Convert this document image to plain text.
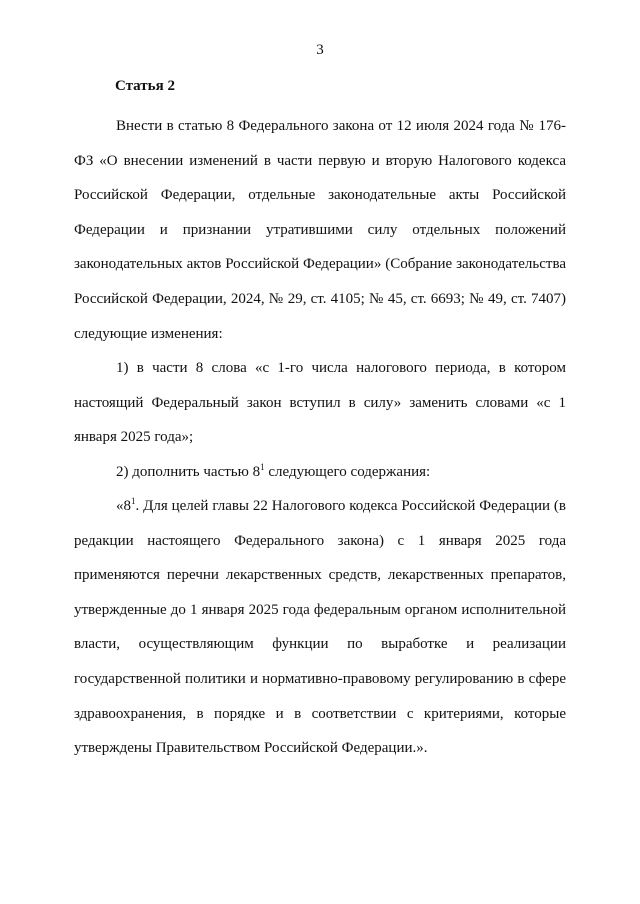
3
Статья 2

Внести в статью 8 Федерального закона от 12 июля 2024 года № 176-ФЗ «О внесении изменений в части первую и вторую Налогового кодекса Российской Федерации, отдельные законодательные акты Российской Федерации и признании утратившими силу отдельных положений законодательных актов Российской Федерации» (Собрание законодательства Российской Федерации, 2024, № 29, ст. 4105; № 45, ст. 6693; № 49, ст. 7407) следующие изменения:

1) в части 8 слова «с 1-го числа налогового периода, в котором настоящий Федеральный закон вступил в силу» заменить словами «с 1 января 2025 года»;

2) дополнить частью $8^1$ следующего содержания:

«$8^1$. Для целей главы 22 Налогового кодекса Российской Федерации (в редакции настоящего Федерального закона) с 1 января 2025 года применяются перечни лекарственных средств, лекарственных препаратов, утвержденные до 1 января 2025 года федеральным органом исполнительной власти, осуществляющим функции по выработке и реализации государственной политики и нормативно-правовому регулированию в сфере здравоохранения, в порядке и в соответствии с критериями, которые утверждены Правительством Российской Федерации.».
